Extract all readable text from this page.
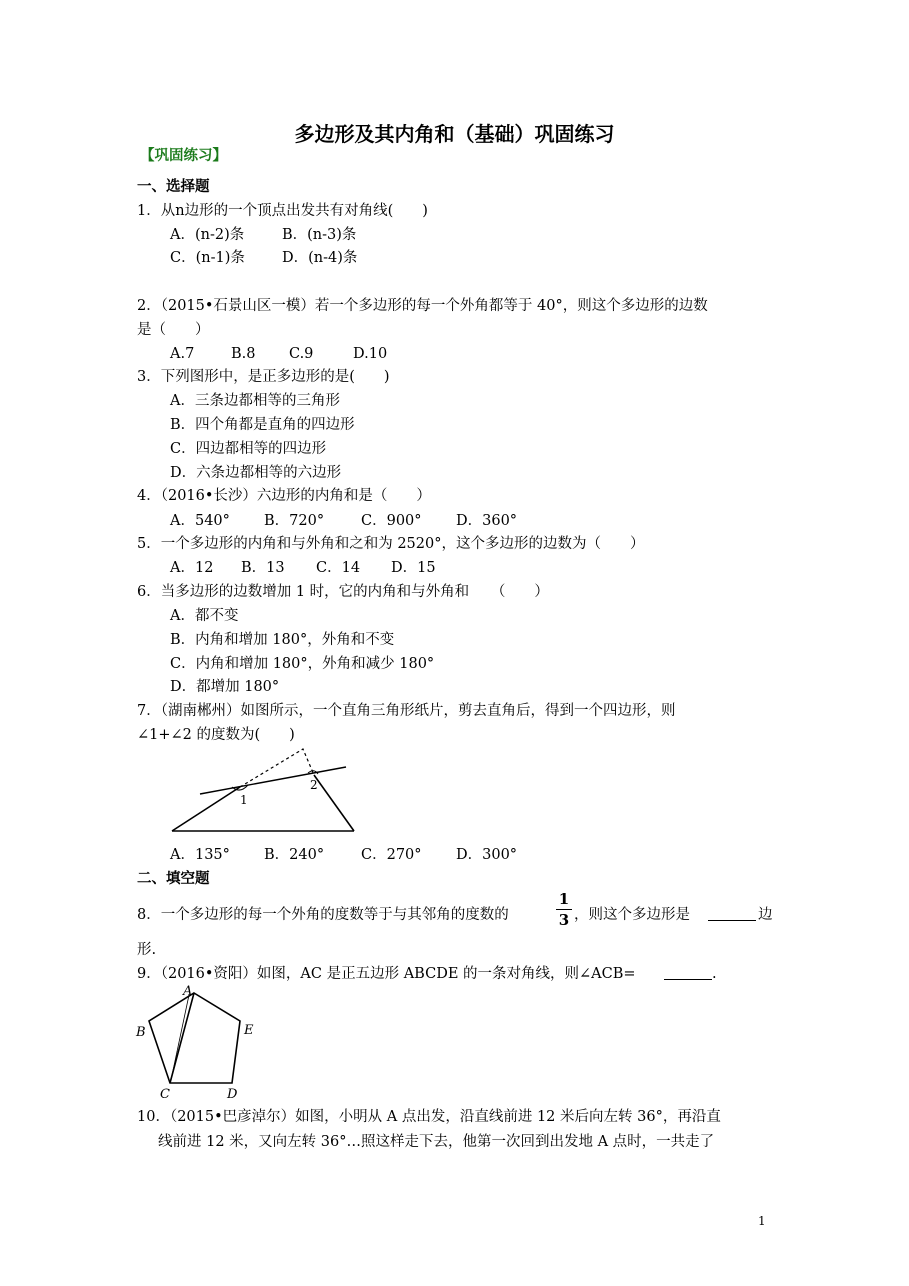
多边形及其内角和（基础）巩固练习
【巩固练习】
一、选择题
1．从n边形的一个顶点出发共有对角线(　　)
A．(n-2)条	B．(n-3)条
C．(n-1)条	D．(n-4)条
2．（2015•石景山区一模）若一个多边形的每一个外角都等于 40°，则这个多边形的边数
是（　　）
A.7	B.8 C.9	D.10
3．下列图形中，是正多边形的是(　　)
A．三条边都相等的三角形
B．四个角都是直角的四边形
C．四边都相等的四边形
D．六条边都相等的六边形
4．（2016•长沙）六边形的内角和是（　　）
A．540° B．720°	C．900° D．360°
5．一个多边形的内角和与外角和之和为 2520°，这个多边形的边数为（　　）
A．12 B．13 C．14 D．15
6．当多边形的边数增加 1 时，它的内角和与外角和　　（　　）
A．都不变
B．内角和增加 180°，外角和不变
C．内角和增加 180°，外角和减少 180°
D．都增加 180°
7．（湖南郴州）如图所示，一个直角三角形纸片，剪去直角后，得到一个四边形，则
∠1+∠2 的度数为(　　)
1
2
A．135° B．240°	C．270° D．300°
二、填空题
8．一个多边形的每一个外角的度数等于与其邻角的度数的
1
3 ，则这个多边形是	边
形.
9．（2016•资阳）如图，AC 是正五边形 ABCDE 的一条对角线，则∠ACB=	.
A
B
C	D
E
10．（2015•巴彦淖尔）如图，小明从 A 点出发，沿直线前进 12 米后向左转 36°，再沿直
线前进 12 米，又向左转 36°…照这样走下去，他第一次回到出发地 A 点时，一共走了
1
